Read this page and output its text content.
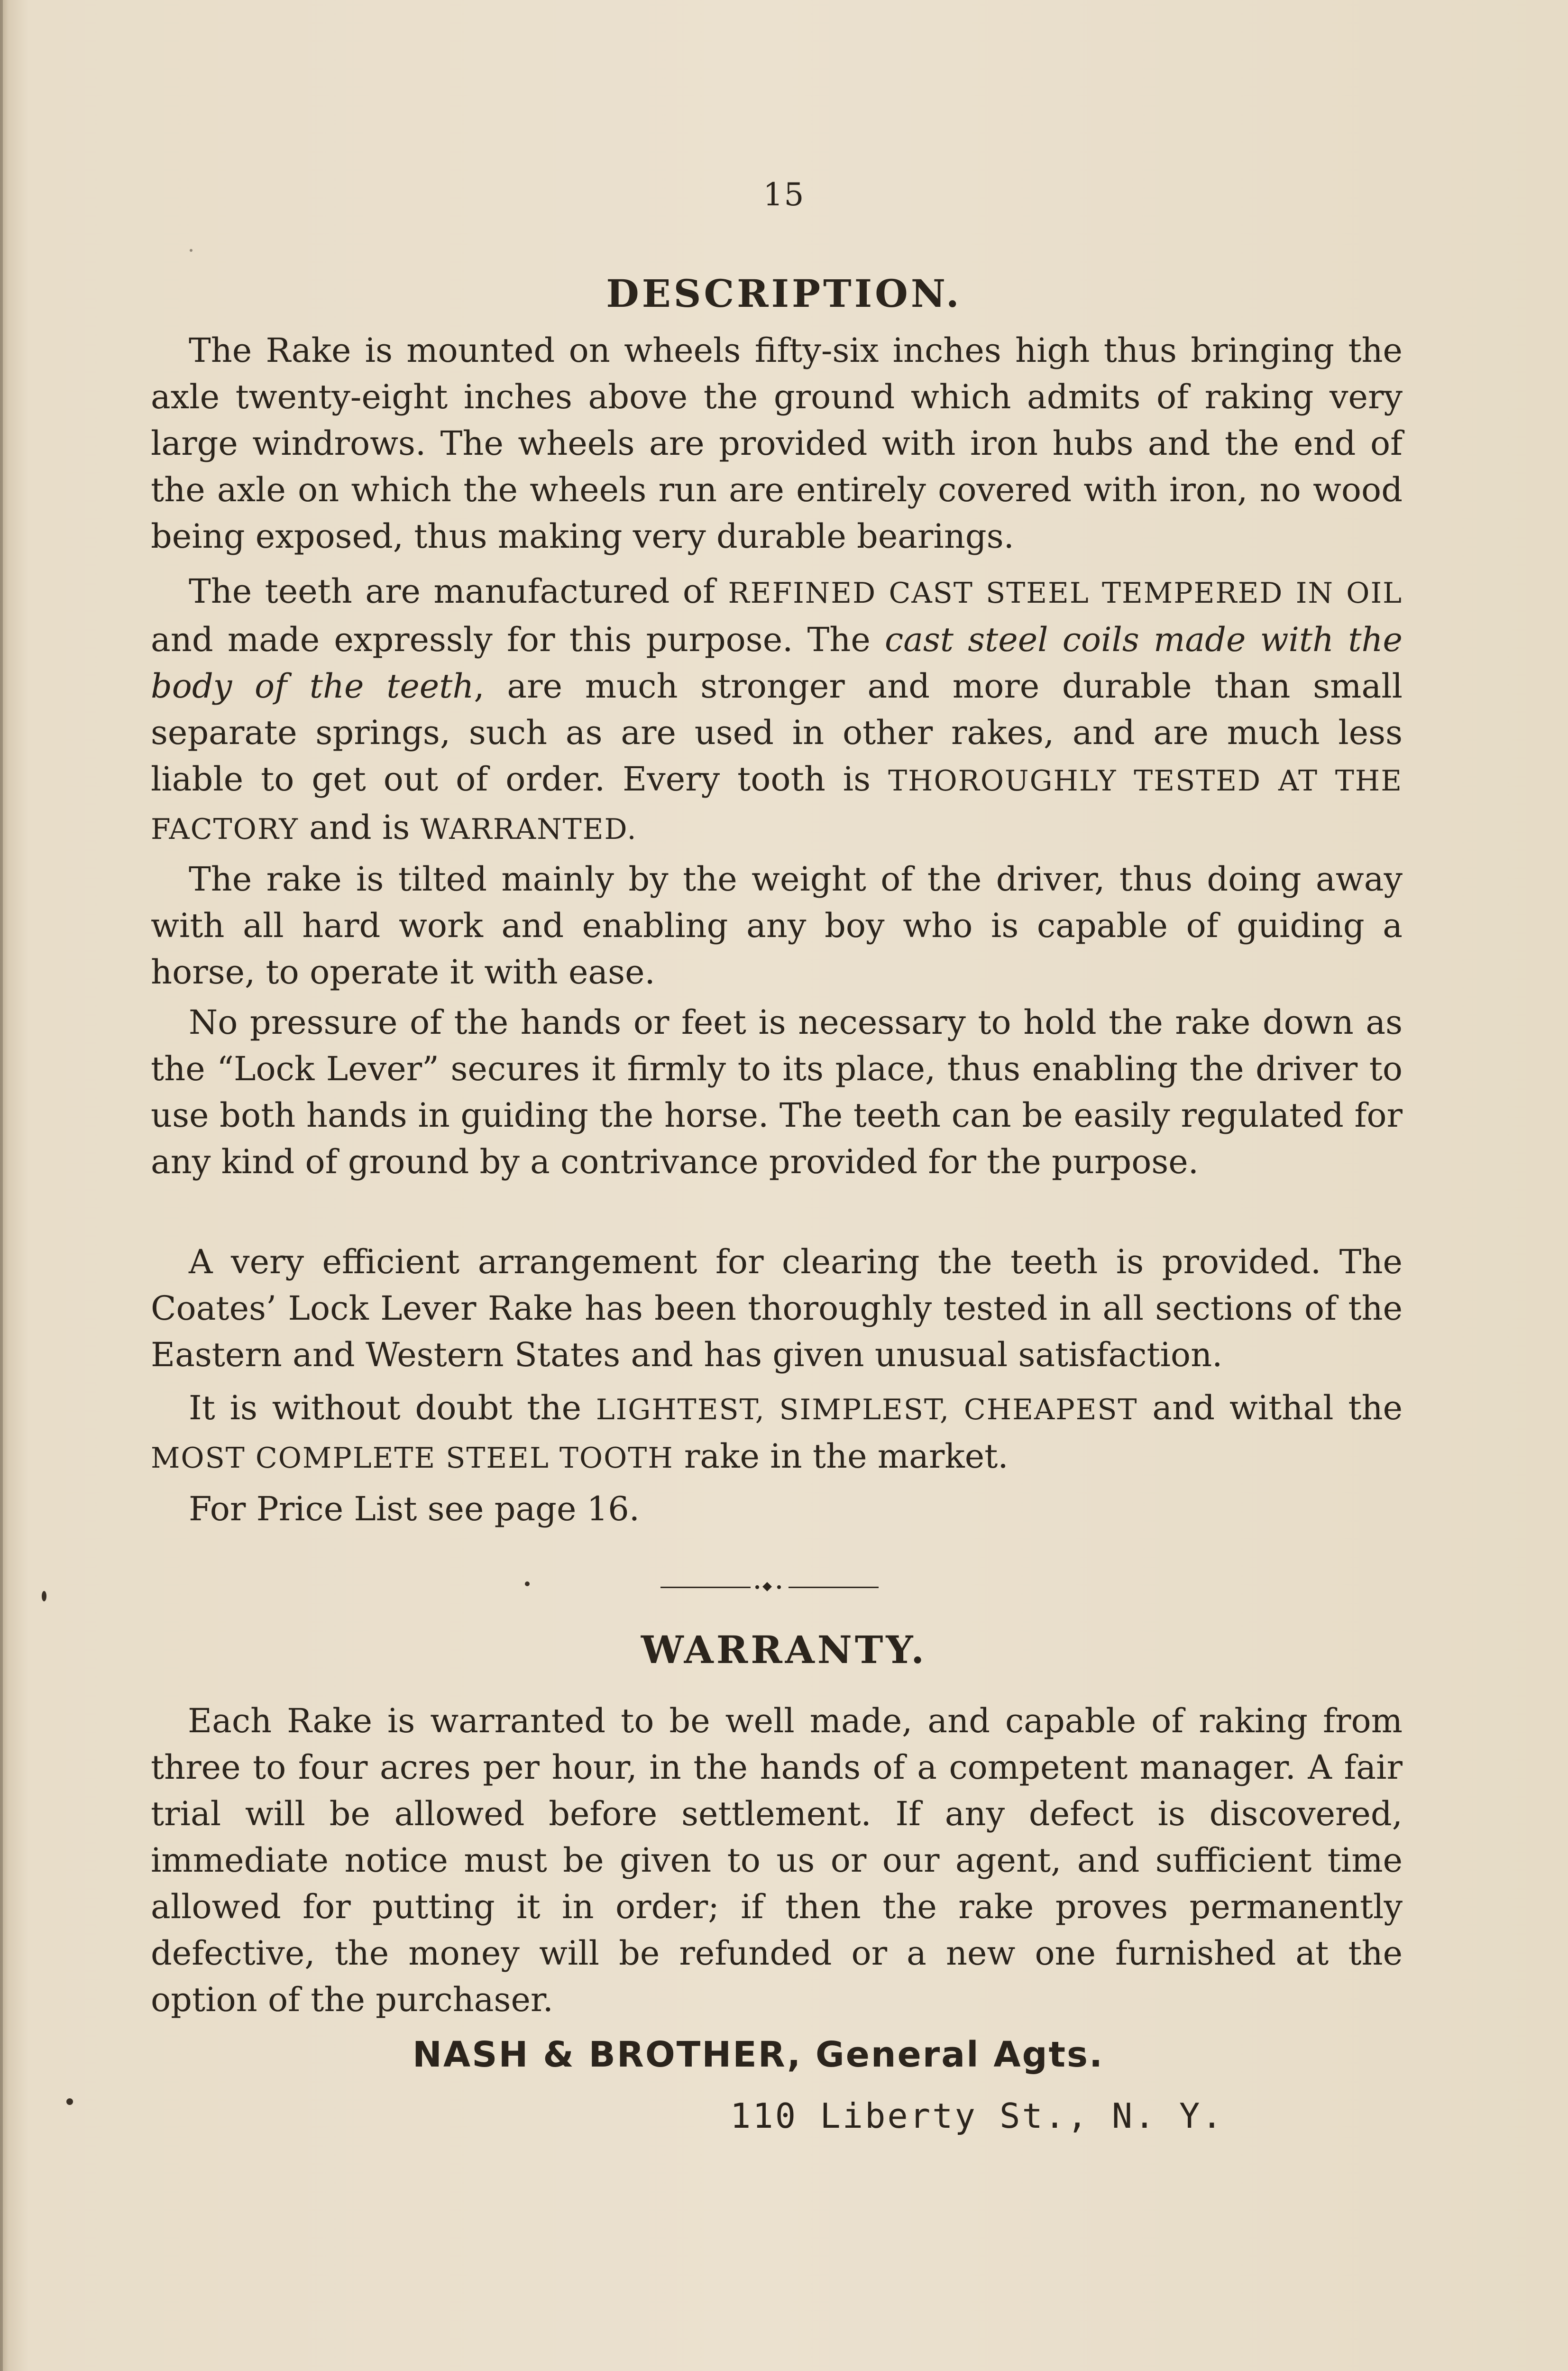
15
DESCRIPTION.

The Rake is mounted on wheels fifty-six inches high thus bringing the axle twenty-eight inches above the ground which admits of raking very large windrows. The wheels are provided with iron hubs and the end of the axle on which the wheels run are entirely covered with iron, no wood being exposed, thus making very durable bearings.

The teeth are manufactured of REFINED CAST STEEL TEMPERED IN OIL and made expressly for this purpose. The cast steel coils made with the body of the teeth, are much stronger and more durable than small separate springs, such as are used in other rakes, and are much less liable to get out of order. Every tooth is THOROUGHLY TESTED AT THE FACTORY and is WARRANTED.

The rake is tilted mainly by the weight of the driver, thus doing away with all hard work and enabling any boy who is capable of guiding a horse, to operate it with ease.

No pressure of the hands or feet is necessary to hold the rake down as the “Lock Lever” secures it firmly to its place, thus enabling the driver to use both hands in guiding the horse. The teeth can be easily regulated for any kind of ground by a contrivance provided for the purpose.

A very efficient arrangement for clearing the teeth is provided. The Coates’ Lock Lever Rake has been thoroughly tested in all sections of the Eastern and Western States and has given unusual satisfaction.

It is without doubt the LIGHTEST, SIMPLEST, CHEAPEST and withal the MOST COMPLETE STEEL TOOTH rake in the market.

For Price List see page 16.

WARRANTY.

Each Rake is warranted to be well made, and capable of raking from three to four acres per hour, in the hands of a competent manager. A fair trial will be allowed before settlement. If any defect is discovered, immediate notice must be given to us or our agent, and sufficient time allowed for putting it in order; if then the rake proves permanently defective, the money will be refunded or a new one furnished at the option of the purchaser.

NASH & BROTHER, General Agts.
110 Liberty St., N. Y.
